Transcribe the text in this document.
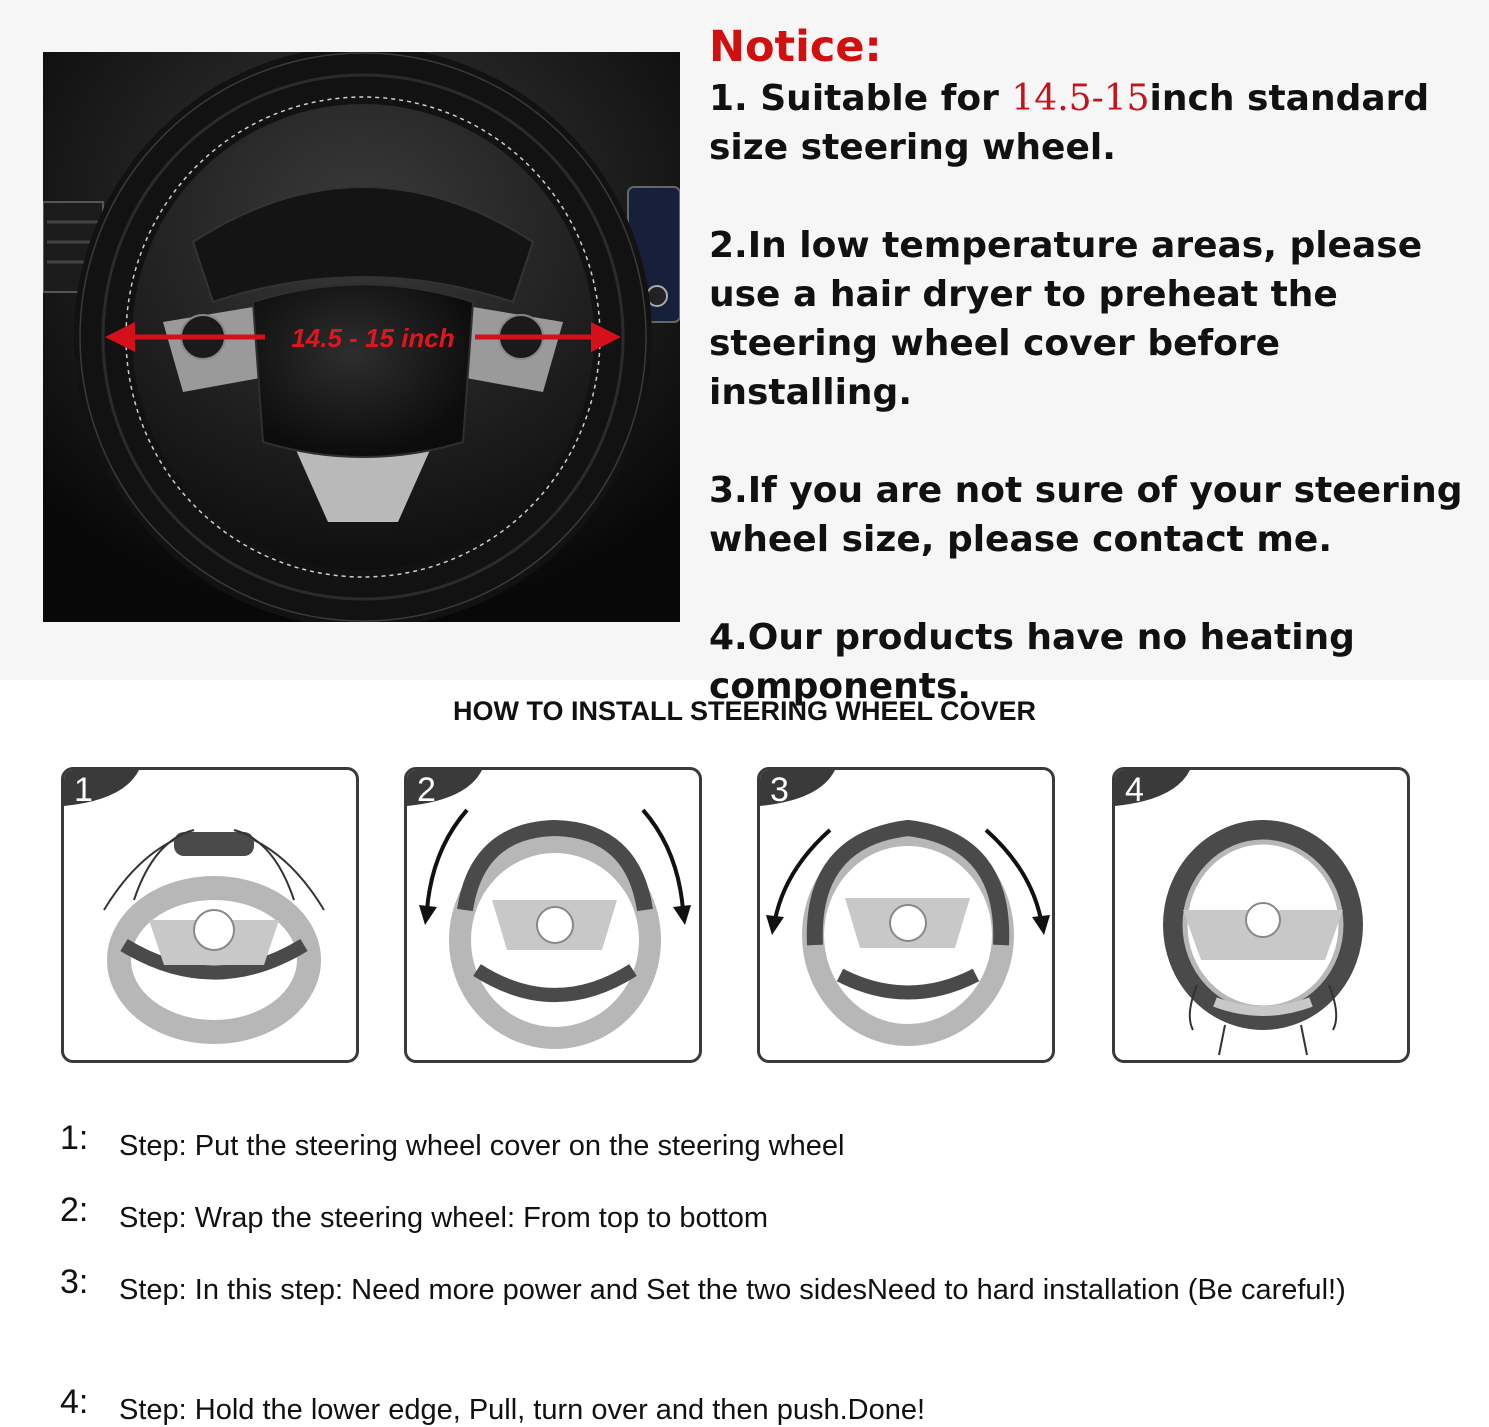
14.5 - 15 inch
Notice:
1. Suitable for 14.5-15inch standard size steering wheel.
2.In low temperature areas, please use a hair dryer to preheat the steering wheel cover before installing.
3.If you are not sure of your steering wheel size, please contact me.
4.Our products have no heating components.
HOW TO INSTALL STEERING WHEEL COVER
1	2	3	4
1: Step: Put the steering wheel cover on the steering wheel
2: Step: Wrap the steering wheel: From top to bottom
3: Step: In this step: Need more power and Set the two sidesNeed to hard installation (Be careful!)
4: Step: Hold the lower edge, Pull, turn over and then push.Done!
